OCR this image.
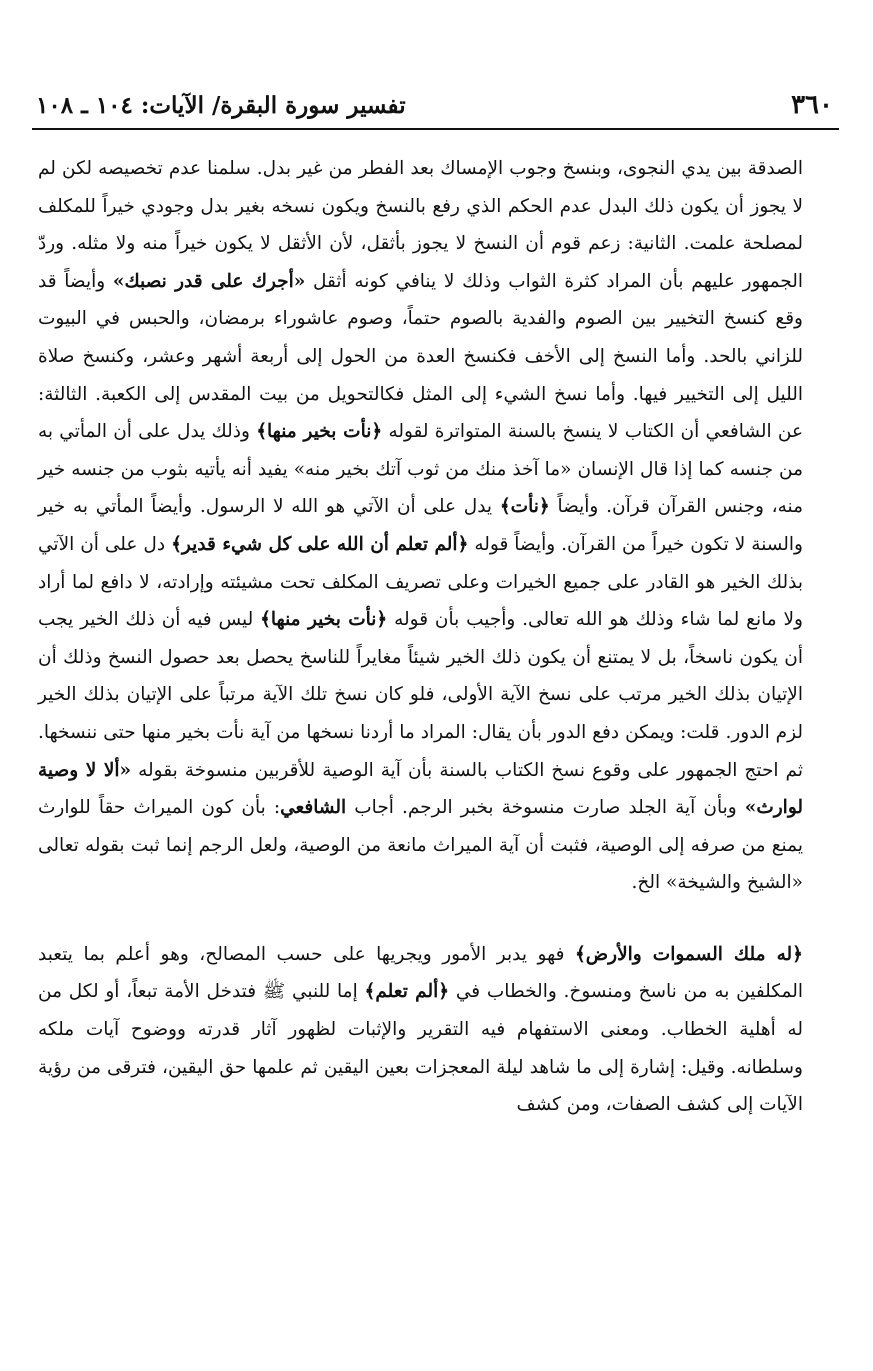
٣٦٠
تفسير سورة البقرة/ الآيات: ١٠٤ ـ ١٠٨

الصدقة بين يدي النجوى، وبنسخ وجوب الإمساك بعد الفطر من غير بدل. سلمنا عدم تخصيصه لكن لم لا يجوز أن يكون ذلك البدل عدم الحكم الذي رفع بالنسخ ويكون نسخه بغير بدل وجودي خيراً للمكلف لمصلحة علمت. الثانية: زعم قوم أن النسخ لا يجوز بأثقل، لأن الأثقل لا يكون خيراً منه ولا مثله. وردّ الجمهور عليهم بأن المراد كثرة الثواب وذلك لا ينافي كونه أثقل «أجرك على قدر نصبك» وأيضاً قد وقع كنسخ التخيير بين الصوم والفدية بالصوم حتماً، وصوم عاشوراء برمضان، والحبس في البيوت للزاني بالحد. وأما النسخ إلى الأخف فكنسخ العدة من الحول إلى أربعة أشهر وعشر، وكنسخ صلاة الليل إلى التخيير فيها. وأما نسخ الشيء إلى المثل فكالتحويل من بيت المقدس إلى الكعبة. الثالثة: عن الشافعي أن الكتاب لا ينسخ بالسنة المتواترة لقوله ﴿نأت بخير منها﴾ وذلك يدل على أن المأتي به من جنسه كما إذا قال الإنسان «ما آخذ منك من ثوب آتك بخير منه» يفيد أنه يأتيه بثوب من جنسه خير منه، وجنس القرآن قرآن. وأيضاً ﴿نأت﴾ يدل على أن الآتي هو الله لا الرسول. وأيضاً المأتي به خير والسنة لا تكون خيراً من القرآن. وأيضاً قوله ﴿ألم تعلم أن الله على كل شيء قدير﴾ دل على أن الآتي بذلك الخير هو القادر على جميع الخيرات وعلى تصريف المكلف تحت مشيئته وإرادته، لا دافع لما أراد ولا مانع لما شاء وذلك هو الله تعالى. وأجيب بأن قوله ﴿نأت بخير منها﴾ ليس فيه أن ذلك الخير يجب أن يكون ناسخاً، بل لا يمتنع أن يكون ذلك الخير شيئاً مغايراً للناسخ يحصل بعد حصول النسخ وذلك أن الإتيان بذلك الخير مرتب على نسخ الآية الأولى، فلو كان نسخ تلك الآية مرتباً على الإتيان بذلك الخير لزم الدور. قلت: ويمكن دفع الدور بأن يقال: المراد ما أردنا نسخها من آية نأت بخير منها حتى ننسخها. ثم احتج الجمهور على وقوع نسخ الكتاب بالسنة بأن آية الوصية للأقربين منسوخة بقوله «ألا لا وصية لوارث» وبأن آية الجلد صارت منسوخة بخبر الرجم. أجاب الشافعي: بأن كون الميراث حقاً للوارث يمنع من صرفه إلى الوصية، فثبت أن آية الميراث مانعة من الوصية، ولعل الرجم إنما ثبت بقوله تعالى «الشيخ والشيخة» الخ.

﴿له ملك السموات والأرض﴾ فهو يدبر الأمور ويجريها على حسب المصالح، وهو أعلم بما يتعبد المكلفين به من ناسخ ومنسوخ. والخطاب في ﴿ألم تعلم﴾ إما للنبي ﷺ فتدخل الأمة تبعاً، أو لكل من له أهلية الخطاب. ومعنى الاستفهام فيه التقرير والإثبات لظهور آثار قدرته ووضوح آيات ملكه وسلطانه. وقيل: إشارة إلى ما شاهد ليلة المعجزات بعين اليقين ثم علمها حق اليقين، فترقى من رؤية الآيات إلى كشف الصفات، ومن كشف
